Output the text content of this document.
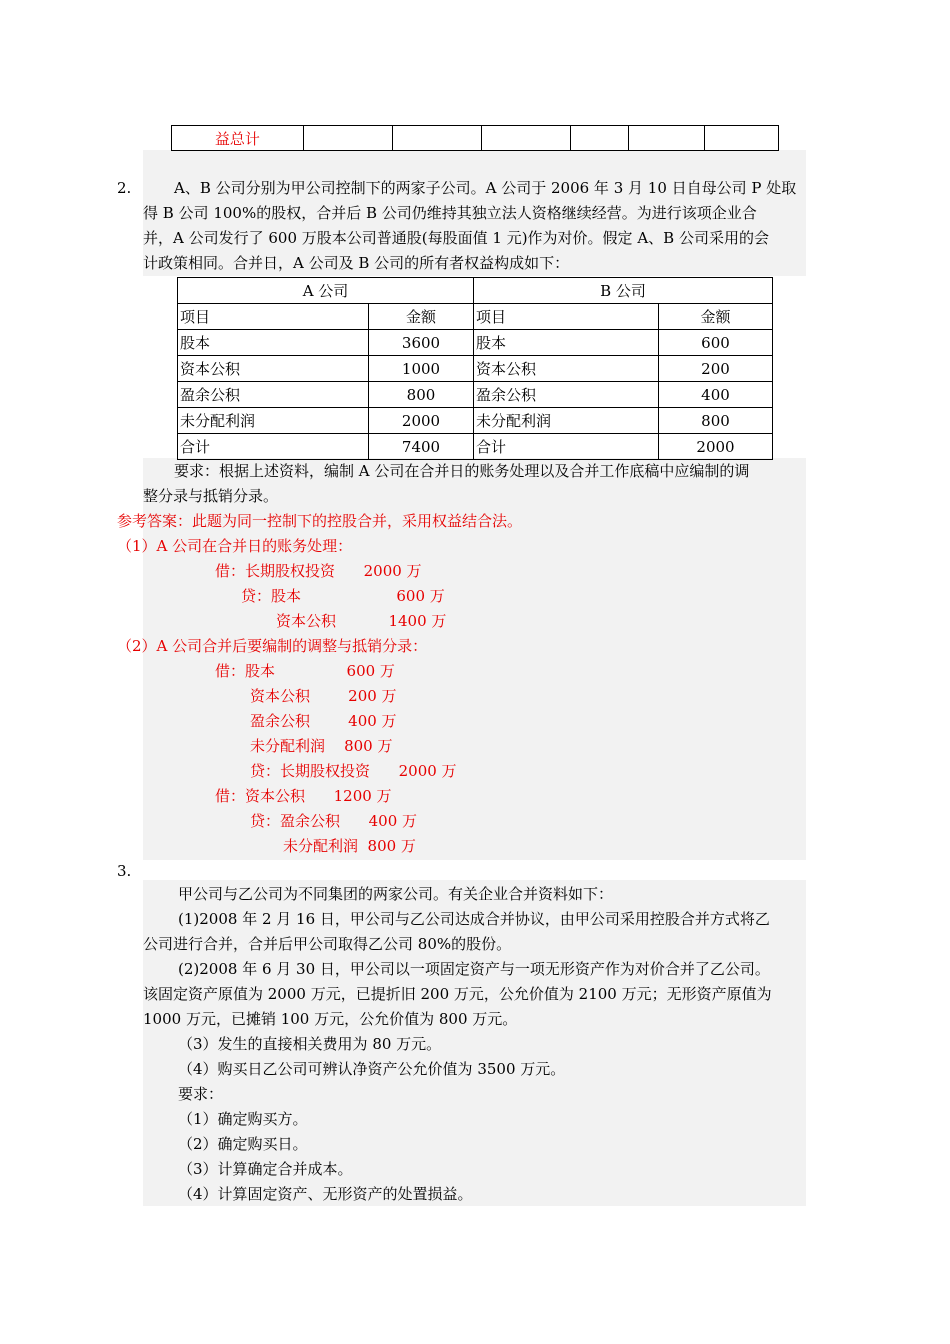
益总计						
2.	A、B 公司分别为甲公司控制下的两家子公司。A 公司于 2006 年 3 月 10 日自母公司 P 处取
得 B 公司 100%的股权，合并后 B 公司仍维持其独立法人资格继续经营。为进行该项企业合
并，A 公司发行了 600 万股本公司普通股(每股面值 1 元)作为对价。假定 A、B 公司采用的会
计政策相同。合并日，A 公司及 B 公司的所有者权益构成如下：
A 公司		B 公司	
项目	金额	项目	金额
股本	3600	股本	600
资本公积	1000	资本公积	200
盈余公积	800	盈余公积	400
未分配利润	2000	未分配利润	800
合计	7400	合计	2000
要求：根据上述资料，编制 A 公司在合并日的账务处理以及合并工作底稿中应编制的调
整分录与抵销分录。
参考答案：此题为同一控制下的控股合并，采用权益结合法。
（1）A 公司在合并日的账务处理：
借：长期股权投资      2000 万
贷：股本                    600 万
资本公积           1400 万
（2）A 公司合并后要编制的调整与抵销分录：
借：股本               600 万
资本公积        200 万
盈余公积        400 万
未分配利润    800 万
贷：长期股权投资      2000 万
借：资本公积      1200 万
贷：盈余公积      400 万
未分配利润  800 万
3.
甲公司与乙公司为不同集团的两家公司。有关企业合并资料如下：
(1)2008 年 2 月 16 日，甲公司与乙公司达成合并协议，由甲公司采用控股合并方式将乙
公司进行合并，合并后甲公司取得乙公司 80%的股份。
(2)2008 年 6 月 30 日，甲公司以一项固定资产与一项无形资产作为对价合并了乙公司。
该固定资产原值为 2000 万元，已提折旧 200 万元，公允价值为 2100 万元；无形资产原值为
1000 万元，已摊销 100 万元，公允价值为 800 万元。
（3）发生的直接相关费用为 80 万元。
（4）购买日乙公司可辨认净资产公允价值为 3500 万元。
要求：
（1）确定购买方。
（2）确定购买日。
（3）计算确定合并成本。
（4）计算固定资产、无形资产的处置损益。
